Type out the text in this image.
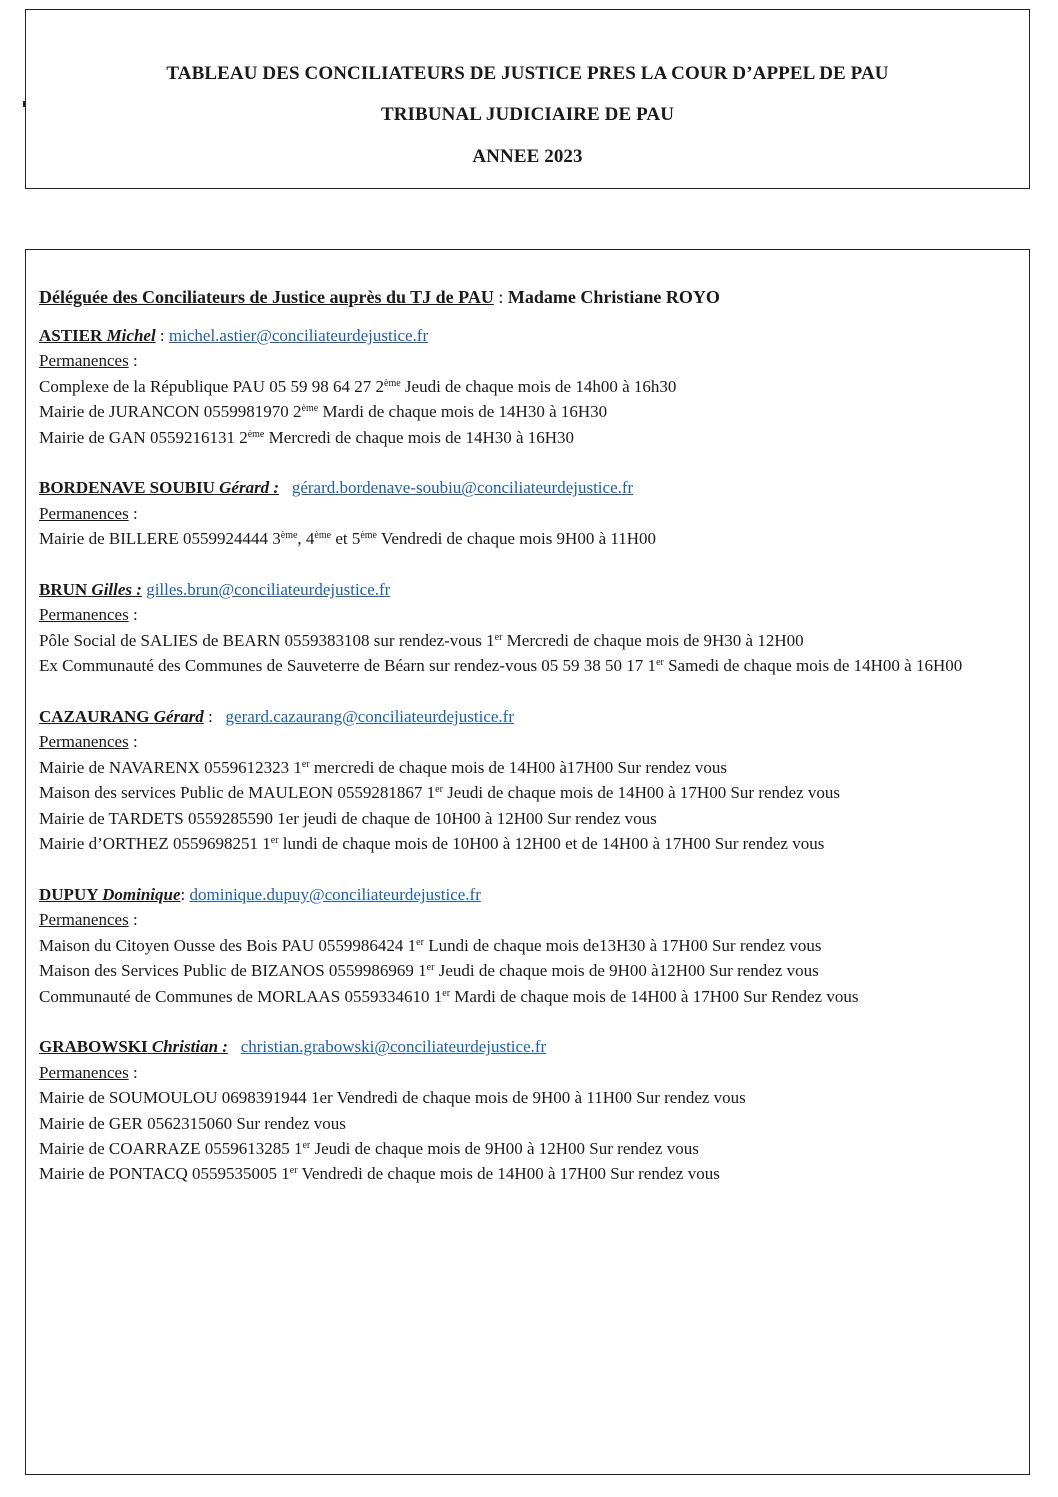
TABLEAU DES CONCILIATEURS DE JUSTICE PRES LA COUR D’APPEL DE PAU
TRIBUNAL JUDICIAIRE DE PAU
ANNEE 2023
Déléguée des Conciliateurs de Justice auprès du TJ de PAU : Madame Christiane ROYO
ASTIER Michel : michel.astier@conciliateurdejustice.fr
Permanences :
Complexe de la République PAU 05 59 98 64 27 2ème Jeudi de chaque mois de 14h00 à 16h30
Mairie de JURANCON 0559981970 2ème Mardi de chaque mois de 14H30 à 16H30
Mairie de GAN 0559216131 2ème Mercredi de chaque mois de 14H30 à 16H30
BORDENAVE SOUBIU Gérard : gérard.bordenave-soubiu@conciliateurdejustice.fr
Permanences :
Mairie de BILLERE 0559924444 3ème, 4ème et 5ème Vendredi de chaque mois 9H00 à 11H00
BRUN Gilles : gilles.brun@conciliateurdejustice.fr
Permanences :
Pôle Social de SALIES de BEARN 0559383108 sur rendez-vous 1er Mercredi de chaque mois de 9H30 à 12H00
Ex Communauté des Communes de Sauveterre de Béarn sur rendez-vous 05 59 38 50 17 1er Samedi de chaque mois de 14H00 à 16H00
CAZAURANG Gérard :   gerard.cazaurang@conciliateurdejustice.fr
Permanences :
Mairie de NAVARENX 0559612323 1er mercredi de chaque mois de 14H00 à17H00 Sur rendez vous
Maison des services Public de MAULEON 0559281867 1er Jeudi de chaque mois de 14H00 à 17H00 Sur rendez vous
Mairie de TARDETS 0559285590 1er jeudi de chaque de 10H00 à 12H00 Sur rendez vous
Mairie d’ORTHEZ 0559698251 1er lundi de chaque mois de 10H00 à 12H00 et de 14H00 à 17H00 Sur rendez vous
DUPUY Dominique: dominique.dupuy@conciliateurdejustice.fr
Permanences :
Maison du Citoyen Ousse des Bois PAU 0559986424 1er Lundi de chaque mois de13H30 à 17H00 Sur rendez vous
Maison des Services Public de BIZANOS 0559986969 1er Jeudi de chaque mois de 9H00 à12H00 Sur rendez vous
Communauté de Communes de MORLAAS 0559334610 1er Mardi de chaque mois de 14H00 à 17H00 Sur Rendez vous
GRABOWSKI Christian : christian.grabowski@conciliateurdejustice.fr
Permanences :
Mairie de SOUMOULOU 0698391944 1er Vendredi de chaque mois de 9H00 à 11H00 Sur rendez vous
Mairie de GER 0562315060 Sur rendez vous
Mairie de COARRAZE 0559613285 1er Jeudi de chaque mois de 9H00 à 12H00 Sur rendez vous
Mairie de PONTACQ 0559535005 1er Vendredi de chaque mois de 14H00 à 17H00 Sur rendez vous
